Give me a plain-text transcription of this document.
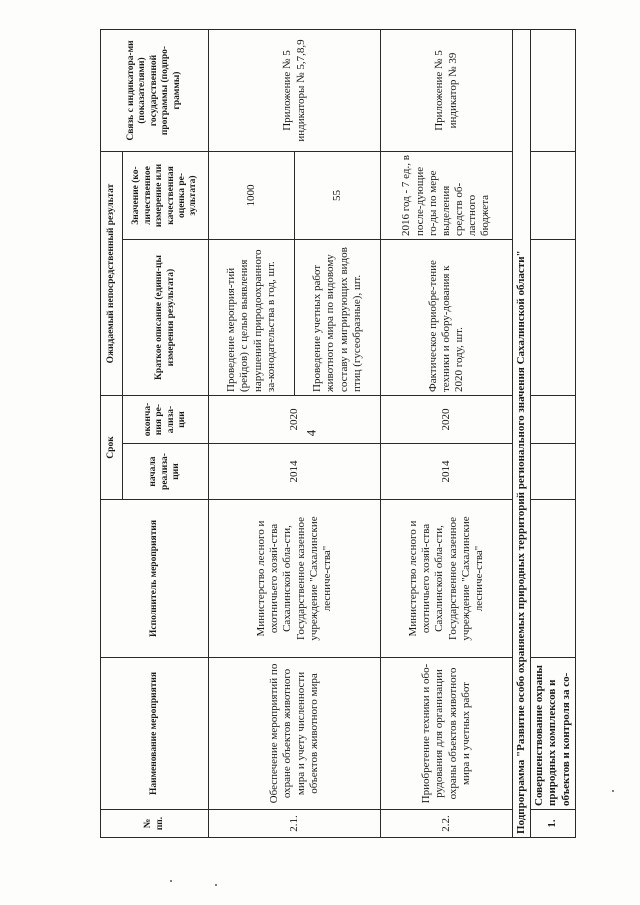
4
№ пп.	Наименование мероприятия	Исполнитель мероприятия	Срок		Ожидаемый непосредственный результат		Связь с индикатора-ми (показателями) государственной программы (подпро-граммы)
			начала реализа-ции	оконча-ния ре-ализа-ции	Краткое описание (едини-цы измерения результата)	Значение (ко-личественное измерение или качественная оценка ре-зультата)	
2.1.	Обеспечение мероприятий по охране объектов животного мира и учету численности объектов животного мира	Министерство лесного и охотничьего хозяй-ства Сахалинской обла-сти, Государственное казенное учреждение "Сахалинские лесниче-ства"	2014	2020	Проведение мероприя-тий (рейдов) с целью выявления нарушений природоохранного за-конодательства в год, шт.	1000	Приложение № 5 индикаторы № 5,7,8,9
					Проведение учетных работ животного мира по видовому составу и мигрирующих видов птиц (гусеобразные), шт.	55	
2.2.	Приобретение техники и обо-рудования для организации охраны объектов животного мира и учетных работ	Министерство лесного и охотничьего хозяй-ства Сахалинской обла-сти, Государственное казенное учреждение "Сахалинские лесниче-ства"	2014	2020	Фактическое приобре-тение техники и обору-дования к 2020 году, шт.	2016 год - 7 ед., в после-дующие го-ды по мере выделения средств об-ластного бюджета	Приложение № 5 индикатор № 39
Подпрограмма "Развитие особо охраняемых природных территорий регионального значения Сахалинской области"							
1.	Совершенствование охраны природных комплексов и объектов и контроля за со-						
